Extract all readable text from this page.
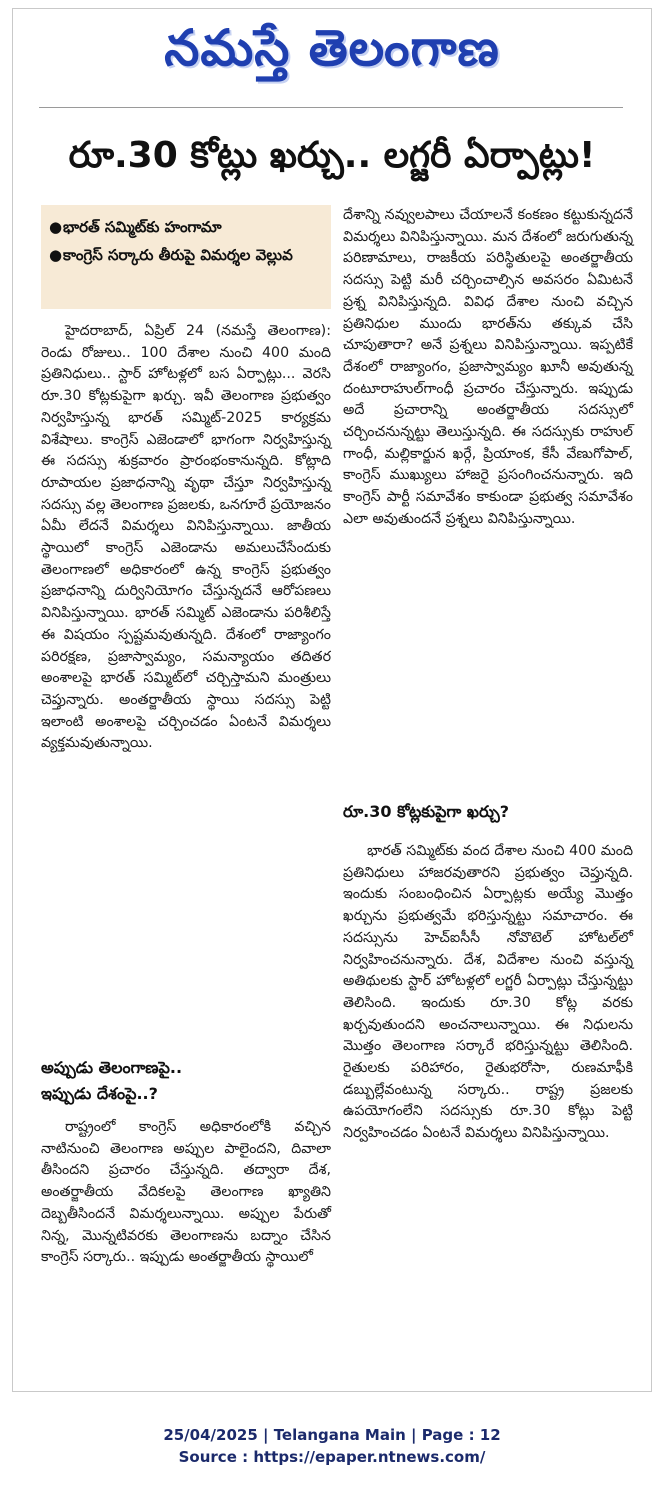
నమస్తే తెలంగాణ
రూ.30 కోట్లు ఖర్చు.. లగ్జరీ ఏర్పాట్లు!
● భారత్ సమ్మిట్‌కు హంగామా
● కాంగ్రెస్ సర్కారు తీరుపై విమర్శల వెల్లువ

హైదరాబాద్, ఏప్రిల్ 24 (నమస్తే తెలంగాణ): రెండు రోజులు.. 100 దేశాల నుంచి 400 మంది ప్రతినిధులు.. స్టార్ హోటళ్లలో బస ఏర్పాట్లు... వెరసి రూ.30 కోట్లకుపైగా ఖర్చు. ఇవీ తెలంగాణ ప్రభుత్వం నిర్వహిస్తున్న భారత్ సమ్మిట్-2025 కార్యక్రమ విశేషాలు. కాంగ్రెస్ ఎజెండాలో భాగంగా నిర్వహిస్తున్న ఈ సదస్సు శుక్రవారం ప్రారంభంకానున్నది. కోట్లాది రూపాయల ప్రజాధనాన్ని వృథా చేస్తూ నిర్వహిస్తున్న సదస్సు వల్ల తెలంగాణ ప్రజలకు, ఒనగూరే ప్రయోజనం ఏమీ లేదనే విమర్శలు వినిపిస్తున్నాయి. జాతీయ స్థాయిలో కాంగ్రెస్ ఎజెండాను అమలుచేసేందుకు తెలంగాణలో అధికారంలో ఉన్న కాంగ్రెస్ ప్రభుత్వం ప్రజాధనాన్ని దుర్వినియోగం చేస్తున్నదనే ఆరోపణలు వినిపిస్తున్నాయి. భారత్ సమ్మిట్ ఎజెండాను పరిశీలిస్తే ఈ విషయం స్పష్టమవుతున్నది. దేశంలో రాజ్యాంగం పరిరక్షణ, ప్రజాస్వామ్యం, సమన్యాయం తదితర అంశాలపై భారత్ సమ్మిట్‌లో చర్చిస్తామని మంత్రులు చెప్తున్నారు. అంతర్జాతీయ స్థాయి సదస్సు పెట్టి ఇలాంటి అంశాలపై చర్చించడం ఏంటనే విమర్శలు వ్యక్తమవుతున్నాయి.

అప్పుడు తెలంగాణపై..
ఇప్పుడు దేశంపై..?

రాష్ట్రంలో కాంగ్రెస్ అధికారంలోకి వచ్చిన నాటినుంచి తెలంగాణ అప్పుల పాలైందని, దివాలా తీసిందని ప్రచారం చేస్తున్నది. తద్వారా దేశ, అంతర్జాతీయ వేదికలపై తెలంగాణ ఖ్యాతిని దెబ్బతీసిందనే విమర్శలున్నాయి. అప్పుల పేరుతో నిన్న, మొన్నటివరకు తెలంగాణను బద్నాం చేసిన కాంగ్రెస్ సర్కారు.. ఇప్పుడు అంతర్జాతీయ స్థాయిలో

దేశాన్ని నవ్వులపాలు చేయాలనే కంకణం కట్టుకున్నదనే విమర్శలు వినిపిస్తున్నాయి. మన దేశంలో జరుగుతున్న పరిణామాలు, రాజకీయ పరిస్థితులపై అంతర్జాతీయ సదస్సు పెట్టి మరీ చర్చించాల్సిన అవసరం ఏమిటనే ప్రశ్న వినిపిస్తున్నది. వివిధ దేశాల నుంచి వచ్చిన ప్రతినిధుల ముందు భారత్‌ను తక్కువ చేసి చూపుతారా? అనే ప్రశ్నలు వినిపిస్తున్నాయి. ఇప్పటికే దేశంలో రాజ్యాంగం, ప్రజాస్వామ్యం ఖూనీ అవుతున్న దంటూరాహుల్‌గాంధీ ప్రచారం చేస్తున్నారు. ఇప్పుడు అదే ప్రచారాన్ని అంతర్జాతీయ సదస్సులో చర్చించనున్నట్టు తెలుస్తున్నది. ఈ సదస్సుకు రాహుల్ గాంధీ, మల్లికార్జున ఖర్గే, ప్రియాంక, కేసీ వేణుగోపాల్, కాంగ్రెస్ ముఖ్యులు హాజరై ప్రసంగించనున్నారు. ఇది కాంగ్రెస్ పార్టీ సమావేశం కాకుండా ప్రభుత్వ సమావేశం ఎలా అవుతుందనే ప్రశ్నలు వినిపిస్తున్నాయి.

రూ.30 కోట్లకుపైగా ఖర్చు?

భారత్ సమ్మిట్‌కు వంద దేశాల నుంచి 400 మంది ప్రతినిధులు హాజరవుతారని ప్రభుత్వం చెప్తున్నది. ఇందుకు సంబంధించిన ఏర్పాట్లకు అయ్యే మొత్తం ఖర్చును ప్రభుత్వమే భరిస్తున్నట్టు సమాచారం. ఈ సదస్సును హెచ్ఐసీసీ నోవొటెల్ హోటల్‌లో నిర్వహించనున్నారు. దేశ, విదేశాల నుంచి వస్తున్న అతిథులకు స్టార్ హోటళ్లలో లగ్జరీ ఏర్పాట్లు చేస్తున్నట్టు తెలిసింది. ఇందుకు రూ.30 కోట్ల వరకు ఖర్చవుతుందని అంచనాలున్నాయి. ఈ నిధులను మొత్తం తెలంగాణ సర్కారే భరిస్తున్నట్టు తెలిసింది. రైతులకు పరిహారం, రైతుభరోసా, రుణమాఫీకి డబ్బుల్లేవంటున్న సర్కారు.. రాష్ట్ర ప్రజలకు ఉపయోగంలేని సదస్సుకు రూ.30 కోట్లు పెట్టి నిర్వహించడం ఏంటనే విమర్శలు వినిపిస్తున్నాయి.

25/04/2025 | Telangana Main | Page : 12
Source : https://epaper.ntnews.com/
